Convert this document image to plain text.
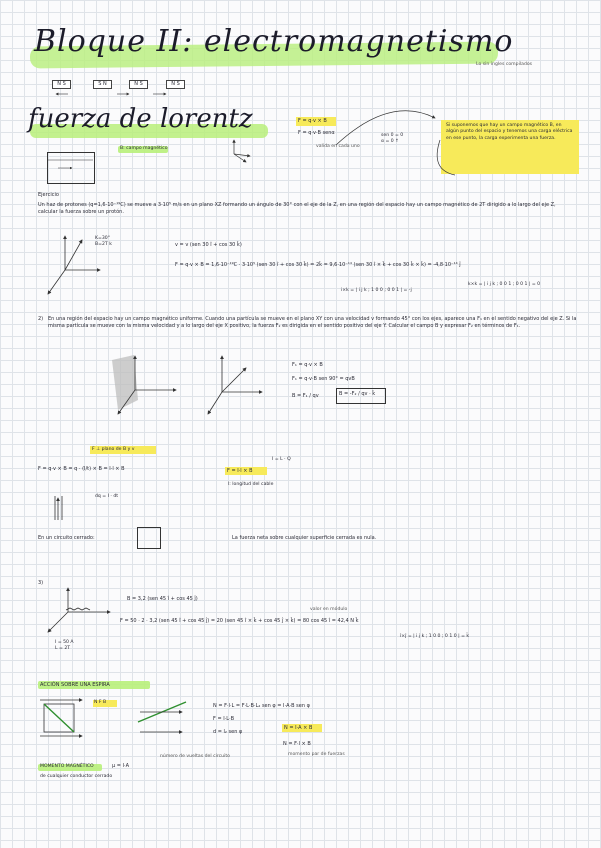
Bloque II: electromagnetismo
Lo sin ingles compilados
N S	S N	N S	N S
fuerza de lorentz	F = q·v × B
F = q·v·B senα
valida en cada uno
sen 0 = 0
α = 0 ↑
Si suponemos que hay un campo magnético B, en algún punto del espacio y tenemos una carga eléctrica en ese punto, la carga experimenta una fuerza.
B: campo magnético
Ejercicio
Un haz de protones (q=1,6·10⁻¹⁹C) se mueve a 3·10⁵ m/s en un plano XZ formando un ángulo de 30° con el eje de la Z, en una región del espacio hay un campo magnético de 2T dirigido a lo largo del eje Z, calcular la fuerza sobre un protón.
K=30°
B=2T k	v = v (sen 30 î + cos 30 k̂)
F = q·v × B = 1,6·10⁻¹⁹C · 3·10⁵ (sen 30 î + cos 30 k̂) = 2k̂ = 9,6·10⁻¹⁴ (sen 30 î × k̂ + cos 30 k̂ × k̂) = -4,8·10⁻¹⁴ ĵ
i×k = | i j k ; 1 0 0 ; 0 0 1 | = -j
k×k = | i j k ; 0 0 1 ; 0 0 1 | = 0
2) En una región del espacio hay un campo magnético uniforme. Cuando una partícula se mueve en el plano XY con una velocidad v formando 45° con los ejes, aparece una F₁ en el sentido negativo del eje Z. Si la misma partícula se mueve con la misma velocidad y a lo largo del eje X positivo, la fuerza F₂ es dirigida en el sentido positivo del eje Y. Calcular el campo B y expresar F₂ en términos de F₁.
F₁ = q·v × B
F₁ = q·v·B sen 90° = qvB
B = F₁ / qv	B = -F₂ / qv · k̂
F ⊥ plano de B y v
F = q·v × B = q · (I/t) × B = I·l × B	F = I·l × B
l: longitud del cable
I = L · Q
dq = I · dt
En un circuito cerrado:	La fuerza neta sobre cualquier superficie cerrada es nula.
3)
B = 3,2 (sen 45 î + cos 45 ĵ)
valor en módulo
F = 50 · 2 · 3,2 (sen 45 î + cos 45 ĵ) = 20 (sen 45 î × k̂ + cos 45 ĵ × k̂) = 80 cos 45 î = 42,4 N k̂
î×ĵ = | i j k ; 1 0 0 ; 0 1 0 | = k̂
I = 50 A
L = 2T
ACCIÓN SOBRE UNA ESPIRA
N F B
N = F·l·L = F·L·B·L₂ sen φ = I·A·B sen φ
F = I·L·B
d = l₂ sen φ
N = I·A × B
N = F·l × B
momento par de fuerzas
número de vueltas del circuito
MOMENTO MAGNÉTICO	μ = I·A
de cualquier conductor cerrado
